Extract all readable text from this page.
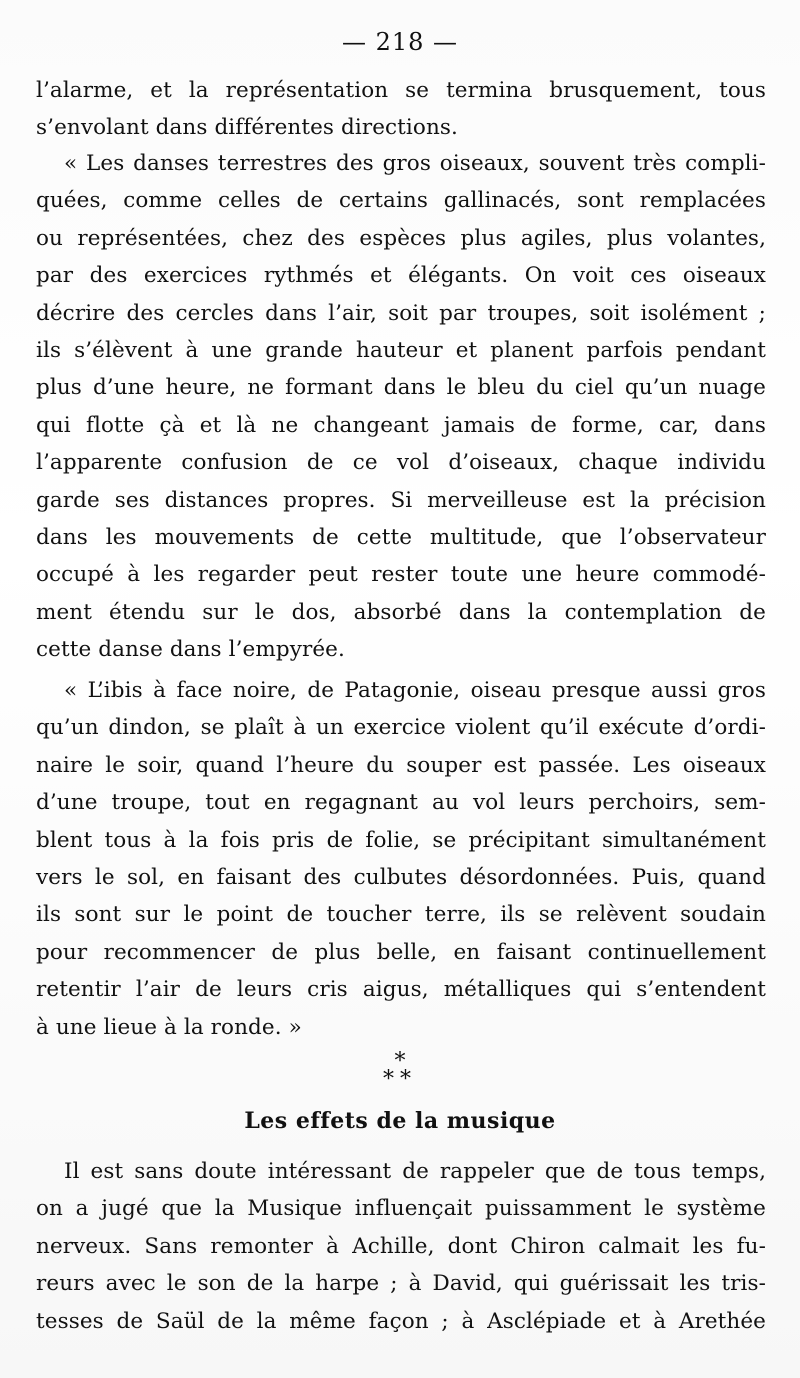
— 218 —
l’alarme, et la représentation se termina brusquement, tous
s’envolant dans différentes directions.
« Les danses terrestres des gros oiseaux, souvent très compli-
quées, comme celles de certains gallinacés, sont remplacées
ou représentées, chez des espèces plus agiles, plus volantes,
par des exercices rythmés et élégants. On voit ces oiseaux
décrire des cercles dans l’air, soit par troupes, soit isolément ;
ils s’élèvent à une grande hauteur et planent parfois pendant
plus d’une heure, ne formant dans le bleu du ciel qu’un nuage
qui flotte çà et là ne changeant jamais de forme, car, dans
l’apparente confusion de ce vol d’oiseaux, chaque individu
garde ses distances propres. Si merveilleuse est la précision
dans les mouvements de cette multitude, que l’observateur
occupé à les regarder peut rester toute une heure commodé-
ment étendu sur le dos, absorbé dans la contemplation de
cette danse dans l’empyrée.
« L’ibis à face noire, de Patagonie, oiseau presque aussi gros
qu’un dindon, se plaît à un exercice violent qu’il exécute d’ordi-
naire le soir, quand l’heure du souper est passée. Les oiseaux
d’une troupe, tout en regagnant au vol leurs perchoirs, sem-
blent tous à la fois pris de folie, se précipitant simultanément
vers le sol, en faisant des culbutes désordonnées. Puis, quand
ils sont sur le point de toucher terre, ils se relèvent soudain
pour recommencer de plus belle, en faisant continuellement
retentir l’air de leurs cris aigus, métalliques qui s’entendent
à une lieue à la ronde. »
*
**
Les effets de la musique
Il est sans doute intéressant de rappeler que de tous temps,
on a jugé que la Musique influençait puissamment le système
nerveux. Sans remonter à Achille, dont Chiron calmait les fu-
reurs avec le son de la harpe ; à David, qui guérissait les tris-
tesses de Saül de la même façon ; à Asclépiade et à Arethée
